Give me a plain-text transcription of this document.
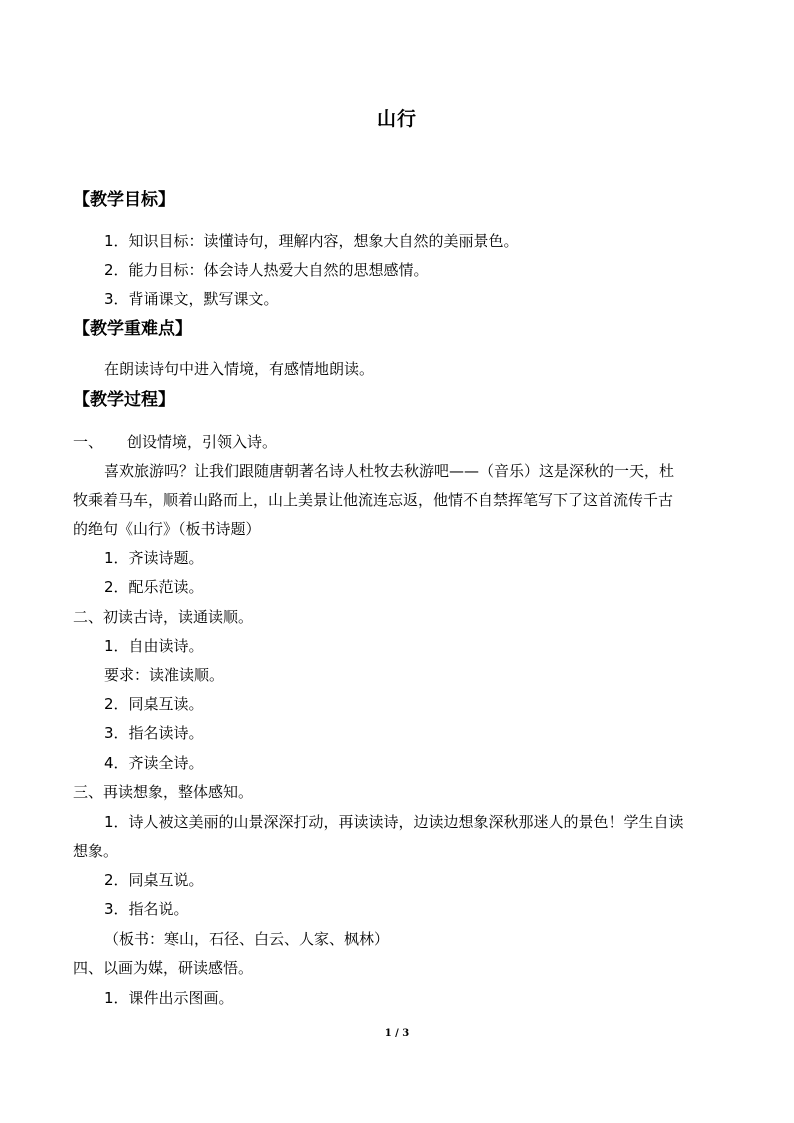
山行
【教学目标】
1．知识目标：读懂诗句，理解内容，想象大自然的美丽景色。
2．能力目标：体会诗人热爱大自然的思想感情。
3．背诵课文，默写课文。
【教学重难点】
在朗读诗句中进入情境，有感情地朗读。
【教学过程】
一、 创设情境，引领入诗。
喜欢旅游吗？让我们跟随唐朝著名诗人杜牧去秋游吧——（音乐）这是深秋的一天，杜
牧乘着马车，顺着山路而上，山上美景让他流连忘返，他情不自禁挥笔写下了这首流传千古
的绝句《山行》（板书诗题）
1．齐读诗题。
2．配乐范读。
二、初读古诗，读通读顺。
1．自由读诗。
要求：读准读顺。
2．同桌互读。
3．指名读诗。
4．齐读全诗。
三、再读想象，整体感知。
1．诗人被这美丽的山景深深打动，再读读诗，边读边想象深秋那迷人的景色！学生自读
想象。
2．同桌互说。
3．指名说。
（板书：寒山，石径、白云、人家、枫林）
四、以画为媒，研读感悟。
1．课件出示图画。
1 / 3
